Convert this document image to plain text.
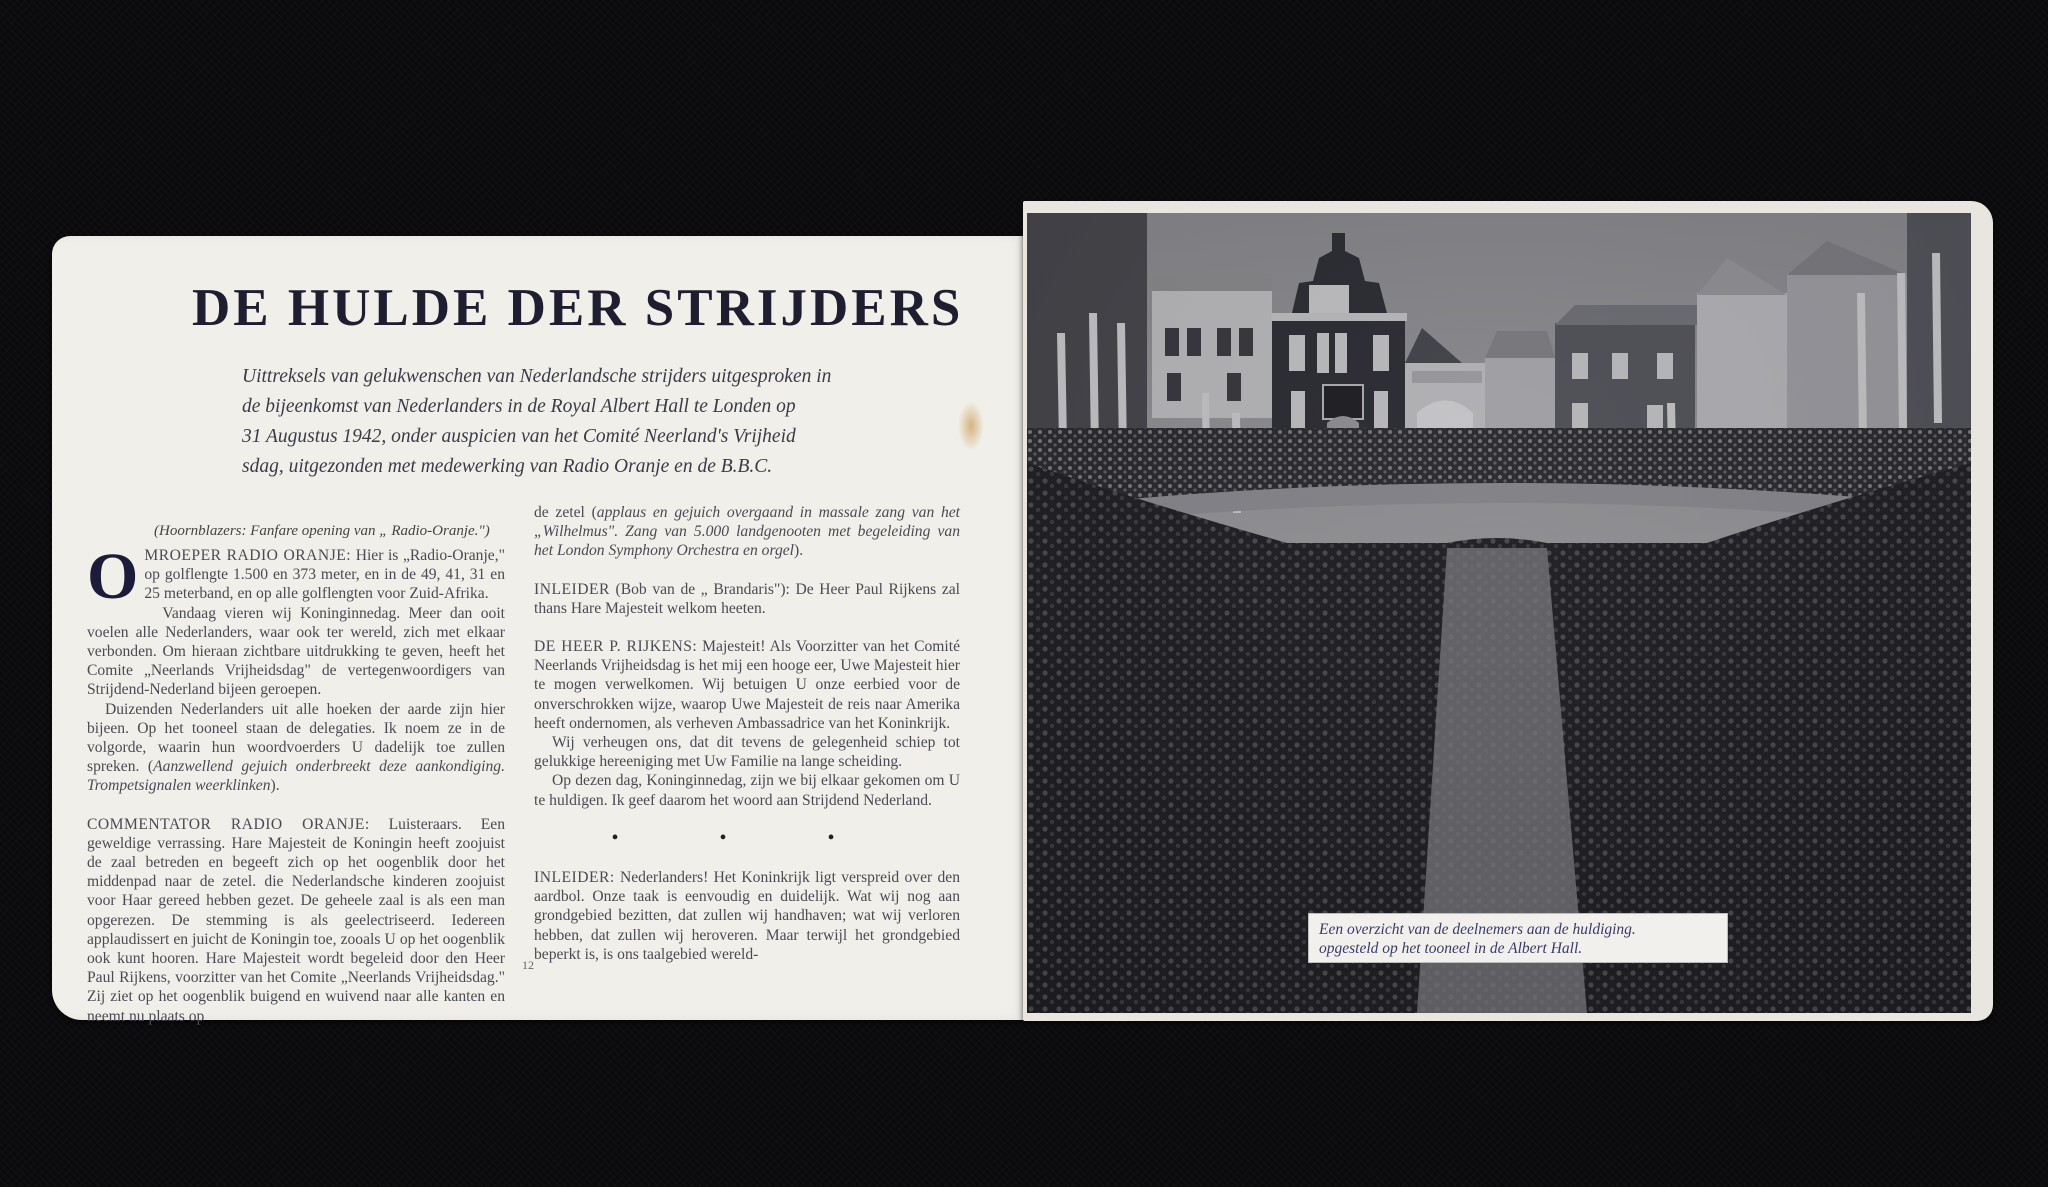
DE HULDE DER STRIJDERS
Uittreksels van gelukwenschen van Nederlandsche strijders uitgesproken in
de bijeenkomst van Nederlanders in de Royal Albert Hall te Londen op
31 Augustus 1942, onder auspicien van het Comité Neerland's Vrijheid
sdag, uitgezonden met medewerking van Radio Oranje en de B.B.C.
(Hoornblazers: Fanfare opening van „ Radio-Oranje.")
OMROEPER RADIO ORANJE: Hier is „Radio-Oranje," op golflengte 1.500 en 373 meter, en in de 49, 41, 31 en 25 meterband, en op alle golflengten voor Zuid-Afrika.
Vandaag vieren wij Koninginnedag. Meer dan ooit voelen alle Nederlanders, waar ook ter wereld, zich met elkaar verbonden. Om hieraan zichtbare uitdrukking te geven, heeft het Comite „Neerlands Vrijheidsdag" de vertegenwoordigers van Strijdend-Nederland bijeen geroepen.
Duizenden Nederlanders uit alle hoeken der aarde zijn hier bijeen. Op het tooneel staan de delegaties. Ik noem ze in de volgorde, waarin hun woordvoerders U dadelijk toe zullen spreken. (Aanzwellend gejuich onderbreekt deze aankondiging. Trompetsignalen weerklinken).
COMMENTATOR RADIO ORANJE: Luisteraars. Een geweldige verrassing. Hare Majesteit de Koningin heeft zoojuist de zaal betreden en begeeft zich op het oogenblik door het middenpad naar de zetel. die Nederlandsche kinderen zoojuist voor Haar gereed hebben gezet. De geheele zaal is als een man opgerezen. De stemming is als geelectriseerd. Iedereen applaudissert en juicht de Koningin toe, zooals U op het oogenblik ook kunt hooren. Hare Majesteit wordt begeleid door den Heer Paul Rijkens, voorzitter van het Comite „Neerlands Vrijheidsdag." Zij ziet op het oogenblik buigend en wuivend naar alle kanten en neemt nu plaats op
de zetel (applaus en gejuich overgaand in massale zang van het „Wilhelmus". Zang van 5.000 landgenooten met begeleiding van het London Symphony Orchestra en orgel).
INLEIDER (Bob van de „ Brandaris"): De Heer Paul Rijkens zal thans Hare Majesteit welkom heeten.
DE HEER P. RIJKENS: Majesteit! Als Voorzitter van het Comité Neerlands Vrijheidsdag is het mij een hooge eer, Uwe Majesteit hier te mogen verwelkomen. Wij betuigen U onze eerbied voor de onverschrokken wijze, waarop Uwe Majesteit de reis naar Amerika heeft ondernomen, als verheven Ambassadrice van het Koninkrijk.
Wij verheugen ons, dat dit tevens de gelegenheid schiep tot gelukkige hereeniging met Uw Familie na lange scheiding.
Op dezen dag, Koninginnedag, zijn we bij elkaar gekomen om U te huldigen. Ik geef daarom het woord aan Strijdend Nederland.
• • •
INLEIDER: Nederlanders! Het Koninkrijk ligt verspreid over den aardbol. Onze taak is eenvoudig en duidelijk. Wat wij nog aan grondgebied bezitten, dat zullen wij handhaven; wat wij verloren hebben, dat zullen wij heroveren. Maar terwijl het grondgebied beperkt is, is ons taalgebied wereld-
12
Een overzicht van de deelnemers aan de huldiging.
opgesteld op het tooneel in de Albert Hall.
